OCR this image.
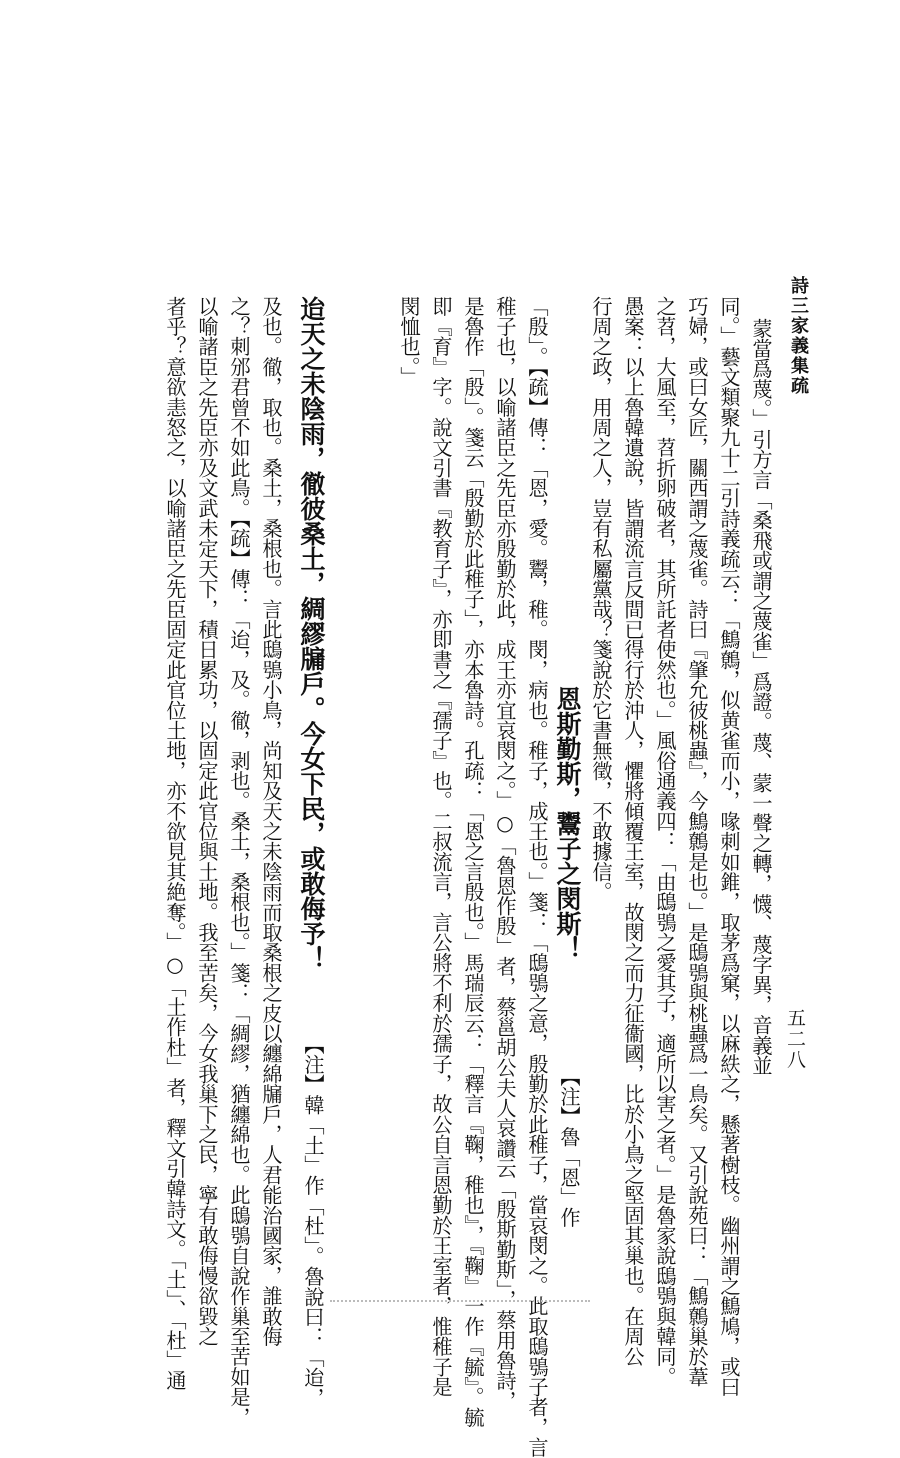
詩三家義集疏
五二八
蒙當爲蔑。」引方言「桑飛或謂之蔑雀」爲證。蔑、蒙一聲之轉，懱、蔑字異，音義並
同。」藝文類聚九十二引詩義疏云：「鷦鷯，似黄雀而小，喙刺如錐，取茅爲窠，以麻紩之，懸著樹枝。幽州謂之鷦鳩，或曰
巧婦，或曰女匠，關西謂之蔑雀。詩曰『肇允彼桃蟲』，今鷦鷯是也。」是鴟鴞與桃蟲爲一鳥矣。又引說苑曰：「鷦鷯巢於葦
之苕，大風至，苕折卵破者，其所託者使然也。」風俗通義四：「由鴟鴞之愛其子，適所以害之者。」是魯家說鴟鴞與韓同。
愚案：以上魯韓遺說，皆謂流言反間已得行於沖人，懼將傾覆王室，故閔之而力征衞國，比於小鳥之堅固其巢也。在周公
行周之政，用周之人，豈有私屬黨哉？箋說於它書無徵，不敢據信。
恩斯勤斯，鬻子之閔斯！
【注】魯「恩」作
「殷」。【疏】傳：「恩，愛。鬻，稚。閔，病也。稚子，成王也。」箋：「鴟鴞之意，殷勤於此稚子，當哀閔之。此取鴟鴞子者，言
稚子也，以喻諸臣之先臣亦殷勤於此，成王亦宜哀閔之。」○「魯恩作殷」者，蔡邕胡公夫人哀讚云「殷斯勤斯」，蔡用魯詩，
是魯作「殷」。箋云「殷勤於此稚子」，亦本魯詩。孔疏：「恩之言殷也。」馬瑞辰云：「釋言『鞠，稚也』，『鞠』一作『毓』。毓
即『育』字。說文引書『教育子』，亦即書之『孺子』也。二叔流言，言公將不利於孺子，故公自言恩勤於王室者，惟稚子是
閔恤也。」
迨天之未陰雨，徹彼桑土，綢繆牖戶。今女下民，或敢侮予！
【注】韓「土」作「杜」。魯說曰：「迨，
及也。徹，取也。桑土，桑根也。言此鴟鴞小鳥，尚知及天之未陰雨而取桑根之皮以纏綿牖戶，人君能治國家，誰敢侮
之？刺邠君曾不如此鳥。【疏】傳：「迨，及。徹，剥也。桑土，桑根也。」箋：「綢繆，猶纏綿也。此鴟鴞自說作巢至苦如是，
以喻諸臣之先臣亦及文武未定天下，積日累功，以固定此官位與土地。我至苦矣，今女我巢下之民，寧有敢侮慢欲毀之
者乎？意欲恚怒之，以喻諸臣之先臣固定此官位土地，亦不欲見其絶奪。」○「土作杜」者，釋文引韓詩文。「土」、「杜」通
